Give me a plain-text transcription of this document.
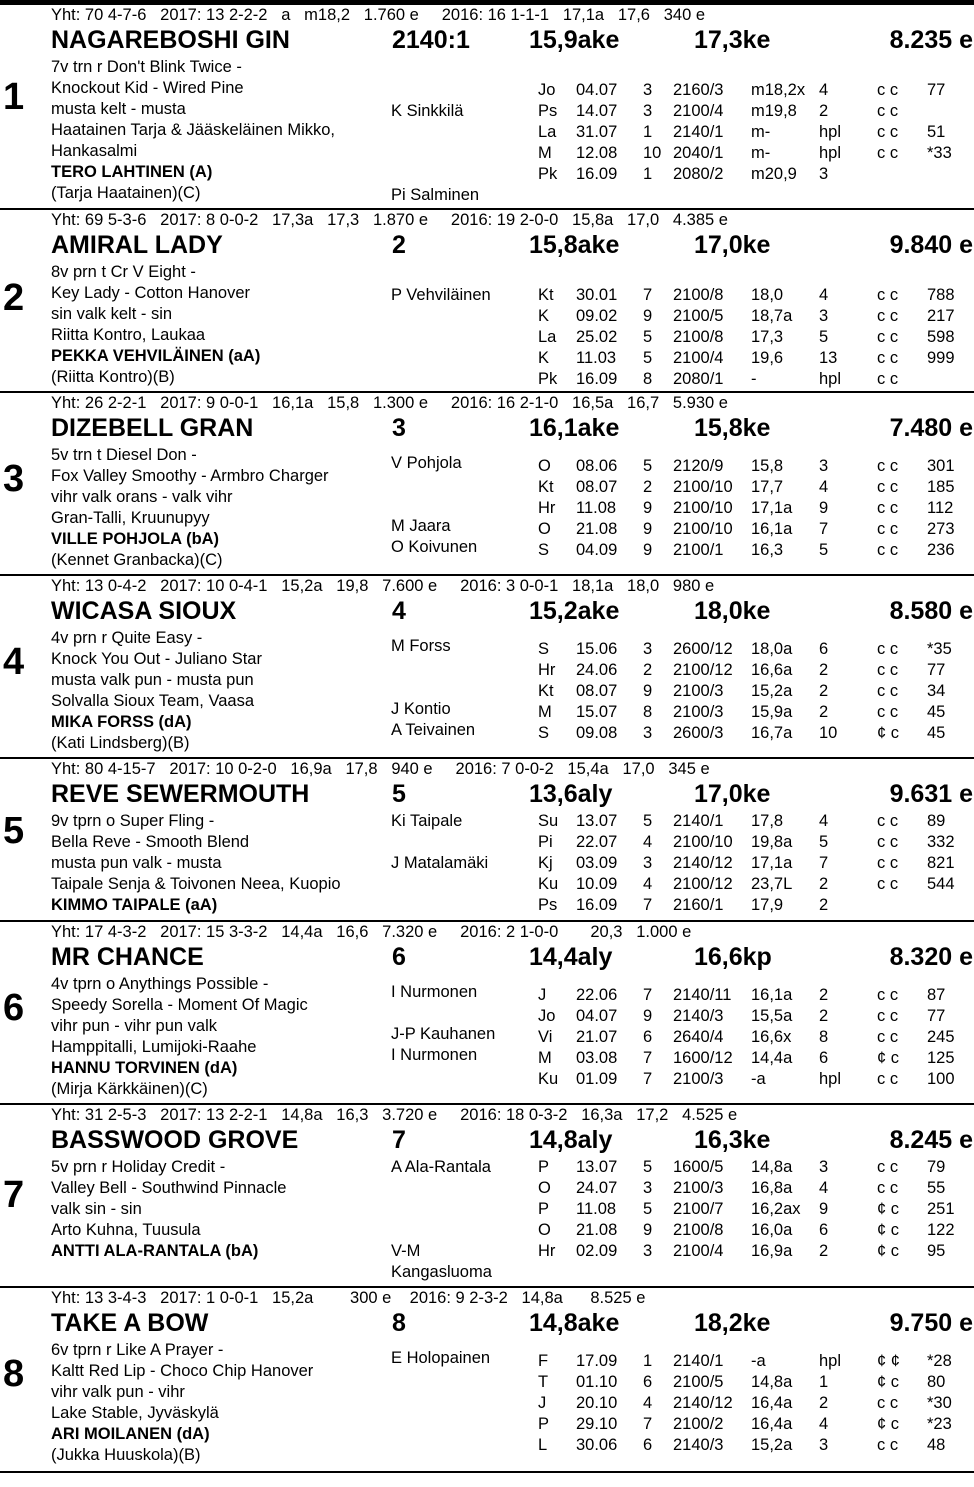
1
Yht: 70 4-7-6   2017: 13 2-2-2   a   m18,2   1.760 e     2016: 16 1-1-1   17,1a   17,6   340 e
NAGAREBOSHI GIN	2140:1 15,9ake	17,3ke	8.235 e
7v trn r Don't Blink Twice -
Knockout Kid - Wired Pine
musta kelt - musta
Haatainen Tarja & Jääskeläinen Mikko,
Hankasalmi
TERO LAHTINEN (A)
(Tarja Haatainen)(C)
K Sinkkilä
Pi Salminen
Jo 04.07 3 2160/3 m18,2x 4	c c 77
Ps 14.07 3 2100/4 m19,8 2	c c
La 31.07 1 2140/1 m-	hpl c c 51
M 12.08 10 2040/1 m-	hpl c c *33
Pk 16.09 1 2080/2 m20,9 3
2
Yht: 69 5-3-6   2017: 8 0-0-2   17,3a   17,3   1.870 e     2016: 19 2-0-0   15,8a   17,0   4.385 e
AMIRAL LADY	2	15,8ake	17,0ke	9.840 e
8v prn t Cr V Eight -
Key Lady - Cotton Hanover
sin valk kelt - sin
Riitta Kontro, Laukaa
PEKKA VEHVILÄINEN (aA)
(Riitta Kontro)(B)
P Vehviläinen	Kt 30.01 7 2100/8 18,0 4	c c 788
K 09.02 9 2100/5 18,7a 3	c c 217
La 25.02 5 2100/8 17,3 5	c c 598
K 11.03 5 2100/4 19,6 13 c c 999
Pk 16.09 8 2080/1 -	hpl c c
3
Yht: 26 2-2-1   2017: 9 0-0-1   16,1a   15,8   1.300 e     2016: 16 2-1-0   16,5a   16,7   5.930 e
DIZEBELL GRAN	3	16,1ake	15,8ke	7.480 e
5v trn t Diesel Don -
Fox Valley Smoothy - Armbro Charger
vihr valk orans - valk vihr
Gran-Talli, Kruunupyy
VILLE POHJOLA (bA)
(Kennet Granbacka)(C)
V Pohjola
M Jaara
O Koivunen
O 08.06 5 2120/9 15,8 3	c c 301
Kt 08.07 2 2100/10 17,7 4	c c 185
Hr 11.08 9 2100/10 17,1a 9	c c 112
O 21.08 9 2100/10 16,1a 7	c c 273
S 04.09 9 2100/1 16,3 5	c c 236
4
Yht: 13 0-4-2   2017: 10 0-4-1   15,2a   19,8   7.600 e     2016: 3 0-0-1   18,1a   18,0   980 e
WICASA SIOUX	4	15,2ake	18,0ke	8.580 e
4v prn r Quite Easy -
Knock You Out - Juliano Star
musta valk pun - musta pun
Solvalla Sioux Team, Vaasa
MIKA FORSS (dA)
(Kati Lindsberg)(B)
M Forss
J Kontio
A Teivainen
S 15.06 3 2600/12 18,0a 6	c c *35
Hr 24.06 2 2100/12 16,6a 2	c c 77
Kt 08.07 9 2100/3 15,2a 2	c c 34
M 15.07 8 2100/3 15,9a 2	c c 45
S 09.08 3 2600/3 16,7a 10 ¢ c 45
5
Yht: 80 4-15-7   2017: 10 0-2-0   16,9a   17,8   940 e     2016: 7 0-0-2   15,4a   17,0   345 e
REVE SEWERMOUTH	5	13,6aly	17,0ke	9.631 e
9v tprn o Super Fling -
Bella Reve - Smooth Blend
musta pun valk - musta
Taipale Senja & Toivonen Neea, Kuopio
KIMMO TAIPALE (aA)
Ki Taipale
J Matalamäki
Su 13.07 5 2140/1 17,8 4	c c 89
Pi 22.07 4 2100/10 19,8a 5	c c 332
Kj 03.09 3 2140/12 17,1a 7	c c 821
Ku 10.09 4 2100/12 23,7L 2	c c 544
Ps 16.09 7 2160/1 17,9 2
6
Yht: 17 4-3-2   2017: 15 3-3-2   14,4a   16,6   7.320 e     2016: 2 1-0-0       20,3   1.000 e
MR CHANCE	6	14,4aly	16,6kp	8.320 e
4v tprn o Anythings Possible -
Speedy Sorella - Moment Of Magic
vihr pun - vihr pun valk
Hamppitalli, Lumijoki-Raahe
HANNU TORVINEN (dA)
(Mirja Kärkkäinen)(C)
I Nurmonen
J-P Kauhanen
I Nurmonen
J 22.06 7 2140/11 16,1a 2	c c 87
Jo 04.07 9 2140/3 15,5a 2	c c 77
Vi 21.07 6 2640/4 16,6x 8	c c 245
M 03.08 7 1600/12 14,4a 6	¢ c 125
Ku 01.09 7 2100/3 -a	hpl c c 100
7
Yht: 31 2-5-3   2017: 13 2-2-1   14,8a   16,3   3.720 e     2016: 18 0-3-2   16,3a   17,2   4.525 e
BASSWOOD GROVE	7	14,8aly	16,3ke	8.245 e
5v prn r Holiday Credit -
Valley Bell - Southwind Pinnacle
valk sin - sin
Arto Kuhna, Tuusula
ANTTI ALA-RANTALA (bA)
A Ala-Rantala
V-M
Kangasluoma
P 13.07 5 1600/5 14,8a 3	c c 79
O 24.07 3 2100/3 16,8a 4	c c 55
P 11.08 5 2100/7 16,2ax 9	¢ c 251
O 21.08 9 2100/8 16,0a 6	¢ c 122
Hr 02.09 3 2100/4 16,9a 2	¢ c 95
8
Yht: 13 3-4-3   2017: 1 0-0-1   15,2a        300 e    2016: 9 2-3-2   14,8a      8.525 e
TAKE A BOW	8	14,8ake	18,2ke	9.750 e
6v tprn r Like A Prayer -
Kaltt Red Lip - Choco Chip Hanover
vihr valk pun - vihr
Lake Stable, Jyväskylä
ARI MOILANEN (dA)
(Jukka Huuskola)(B)
E Holopainen	F 17.09 1 2140/1 -a	hpl ¢ ¢ *28
T 01.10 6 2100/5 14,8a 1	¢ c 80
J 20.10 4 2140/12 16,4a 2	c c *30
P 29.10 7 2100/2 16,4a 4	¢ c *23
L 30.06 6 2140/3 15,2a 3	c c 48
